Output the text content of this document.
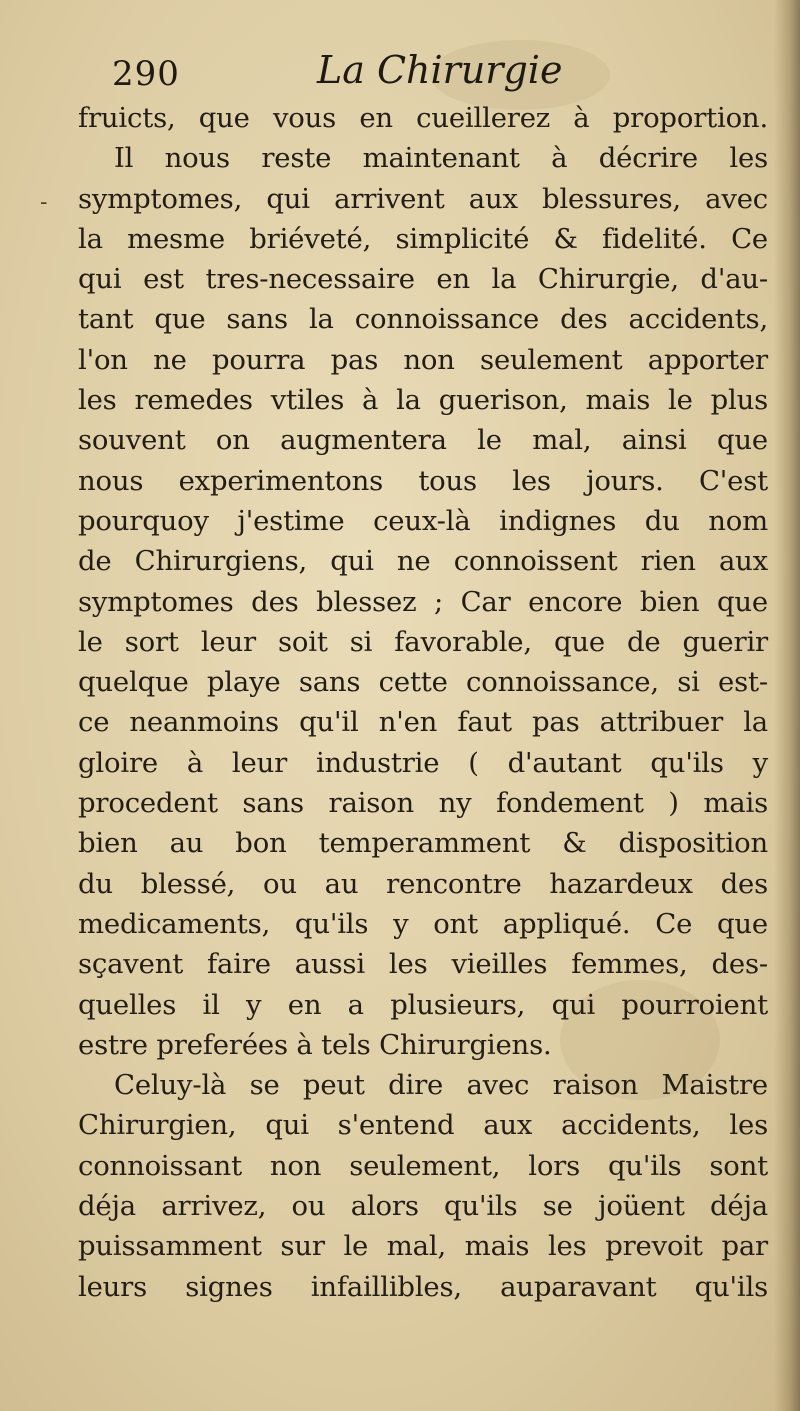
290	La Chirurgie
-
fruicts, que vous en cueillerez à proportion.
Il nous reste maintenant à décrire les
symptomes, qui arrivent aux blessures, avec
la mesme briéveté, simplicité & fidelité. Ce
qui est tres-necessaire en la Chirurgie, d'au-
tant que sans la connoissance des accidents,
l'on ne pourra pas non seulement apporter
les remedes vtiles à la guerison, mais le plus
souvent on augmentera le mal, ainsi que
nous experimentons tous les jours. C'est
pourquoy j'estime ceux-là indignes du nom
de Chirurgiens, qui ne connoissent rien aux
symptomes des blessez ; Car encore bien que
le sort leur soit si favorable, que de guerir
quelque playe sans cette connoissance, si est-
ce neanmoins qu'il n'en faut pas attribuer la
gloire à leur industrie ( d'autant qu'ils y
procedent sans raison ny fondement ) mais
bien au bon temperamment & disposition
du blessé, ou au rencontre hazardeux des
medicaments, qu'ils y ont appliqué. Ce que
sçavent faire aussi les vieilles femmes, des-
quelles il y en a plusieurs, qui pourroient
estre preferées à tels Chirurgiens.
Celuy-là se peut dire avec raison Maistre
Chirurgien, qui s'entend aux accidents, les
connoissant non seulement, lors qu'ils sont
déja arrivez, ou alors qu'ils se joüent déja
puissamment sur le mal, mais les prevoit par
leurs signes infaillibles, auparavant qu'ils
